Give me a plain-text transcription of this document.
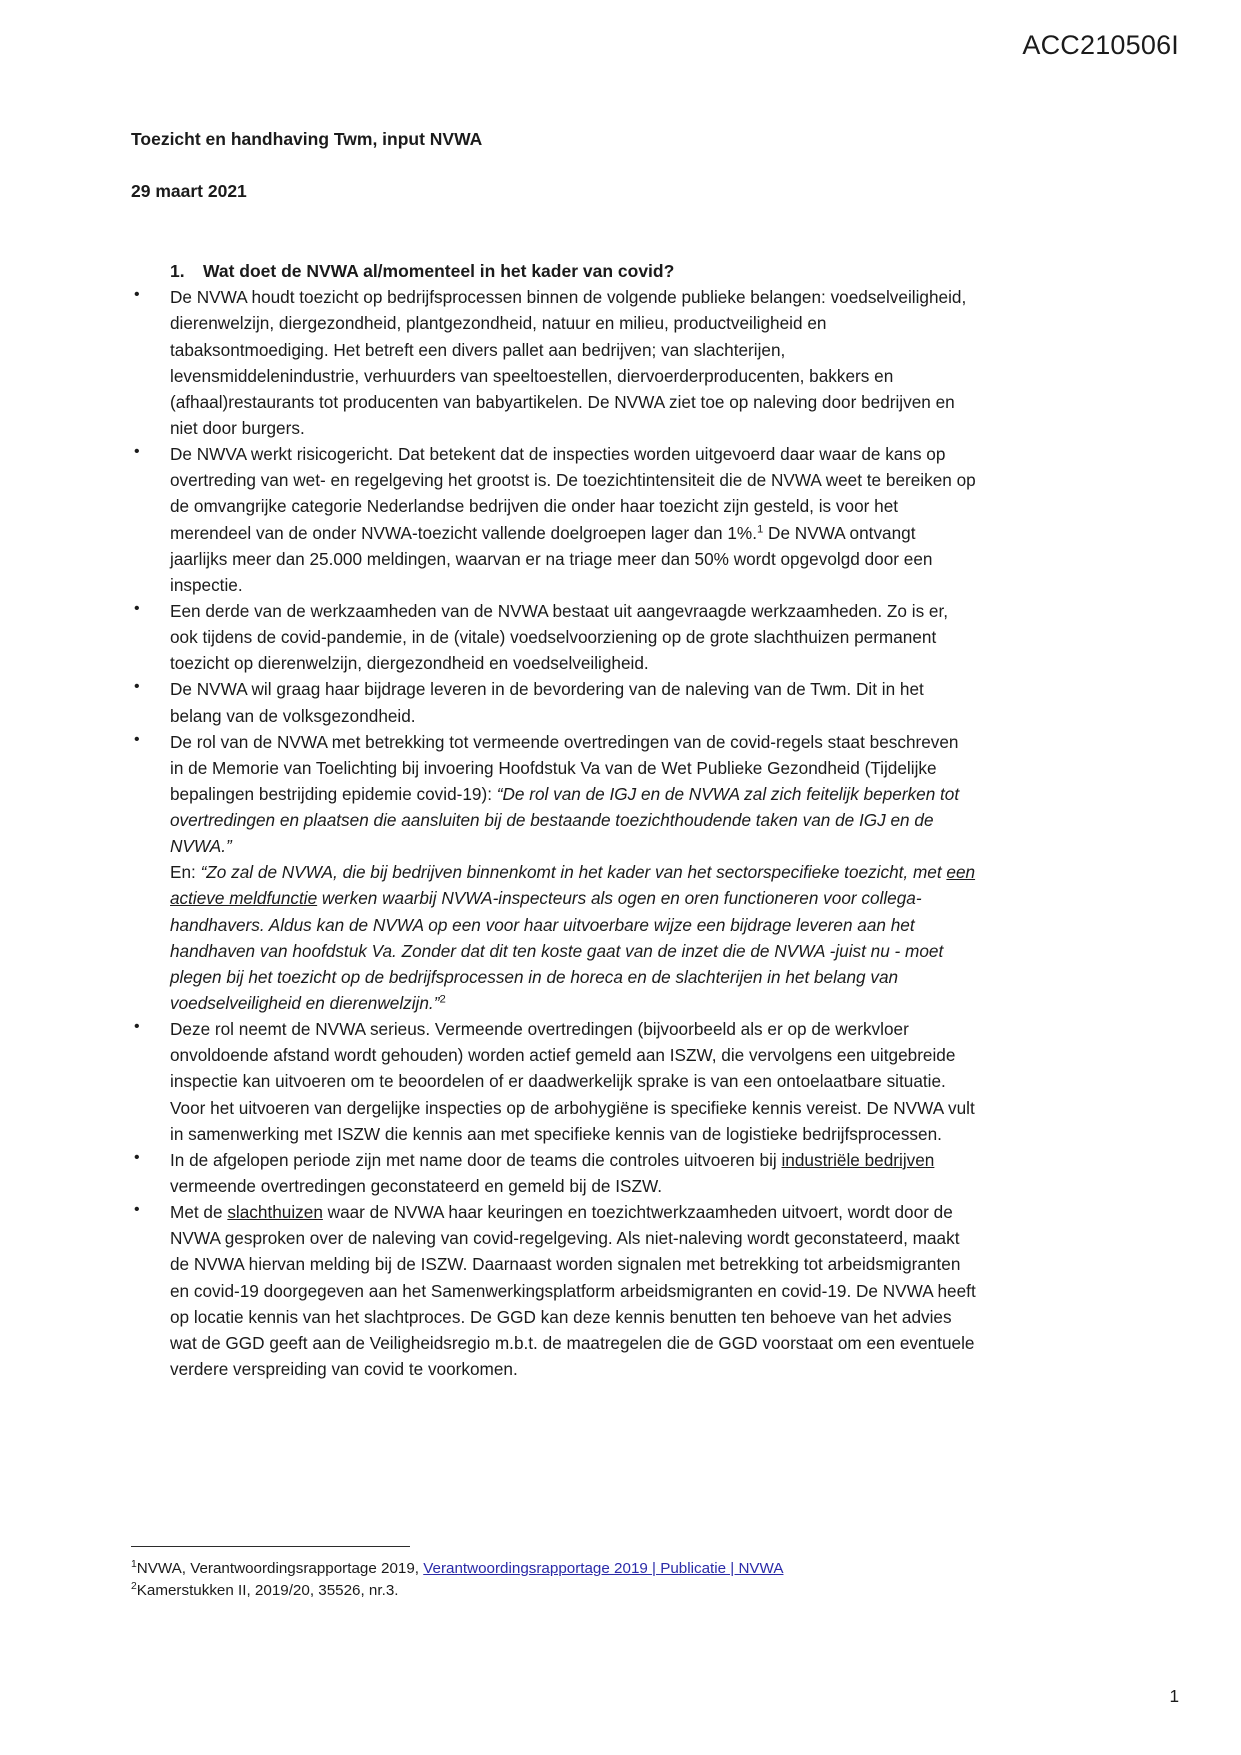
ACC210506I
Toezicht en handhaving Twm, input NVWA
29 maart 2021
1.	Wat doet de NVWA al/momenteel in het kader van covid?
• De NVWA houdt toezicht op bedrijfsprocessen binnen de volgende publieke belangen: voedselveiligheid, dierenwelzijn, diergezondheid, plantgezondheid, natuur en milieu, productveiligheid en tabaksontmoediging. Het betreft een divers pallet aan bedrijven; van slachterijen, levensmiddelenindustrie, verhuurders van speeltoestellen, diervoerderproducenten, bakkers en (afhaal)restaurants tot producenten van babyartikelen. De NVWA ziet toe op naleving door bedrijven en niet door burgers.
• De NWVA werkt risicogericht. Dat betekent dat de inspecties worden uitgevoerd daar waar de kans op overtreding van wet- en regelgeving het grootst is. De toezichtintensiteit die de NVWA weet te bereiken op de omvangrijke categorie Nederlandse bedrijven die onder haar toezicht zijn gesteld, is voor het merendeel van de onder NVWA-toezicht vallende doelgroepen lager dan 1%.$^1$ De NVWA ontvangt jaarlijks meer dan 25.000 meldingen, waarvan er na triage meer dan 50% wordt opgevolgd door een inspectie.
• Een derde van de werkzaamheden van de NVWA bestaat uit aangevraagde werkzaamheden. Zo is er, ook tijdens de covid-pandemie, in de (vitale) voedselvoorziening op de grote slachthuizen permanent toezicht op dierenwelzijn, diergezondheid en voedselveiligheid.
• De NVWA wil graag haar bijdrage leveren in de bevordering van de naleving van de Twm. Dit in het belang van de volksgezondheid.
• De rol van de NVWA met betrekking tot vermeende overtredingen van de covid-regels staat beschreven in de Memorie van Toelichting bij invoering Hoofdstuk Va van de Wet Publieke Gezondheid (Tijdelijke bepalingen bestrijding epidemie covid-19): “De rol van de IGJ en de NVWA zal zich feitelijk beperken tot overtredingen en plaatsen die aansluiten bij de bestaande toezichthoudende taken van de IGJ en de NVWA.”
En: “Zo zal de NVWA, die bij bedrijven binnenkomt in het kader van het sectorspecifieke toezicht, met een actieve meldfunctie werken waarbij NVWA-inspecteurs als ogen en oren functioneren voor collega-handhavers. Aldus kan de NVWA op een voor haar uitvoerbare wijze een bijdrage leveren aan het handhaven van hoofdstuk Va. Zonder dat dit ten koste gaat van de inzet die de NVWA -juist nu - moet plegen bij het toezicht op de bedrijfsprocessen in de horeca en de slachterijen in het belang van voedselveiligheid en dierenwelzijn.”$^2$
• Deze rol neemt de NVWA serieus. Vermeende overtredingen (bijvoorbeeld als er op de werkvloer onvoldoende afstand wordt gehouden) worden actief gemeld aan ISZW, die vervolgens een uitgebreide inspectie kan uitvoeren om te beoordelen of er daadwerkelijk sprake is van een ontoelaatbare situatie. Voor het uitvoeren van dergelijke inspecties op de arbohygiëne is specifieke kennis vereist. De NVWA vult in samenwerking met ISZW die kennis aan met specifieke kennis van de logistieke bedrijfsprocessen.
• In de afgelopen periode zijn met name door de teams die controles uitvoeren bij industriële bedrijven vermeende overtredingen geconstateerd en gemeld bij de ISZW.
• Met de slachthuizen waar de NVWA haar keuringen en toezichtwerkzaamheden uitvoert, wordt door de NVWA gesproken over de naleving van covid-regelgeving. Als niet-naleving wordt geconstateerd, maakt de NVWA hiervan melding bij de ISZW. Daarnaast worden signalen met betrekking tot arbeidsmigranten en covid-19 doorgegeven aan het Samenwerkingsplatform arbeidsmigranten en covid-19. De NVWA heeft op locatie kennis van het slachtproces. De GGD kan deze kennis benutten ten behoeve van het advies wat de GGD geeft aan de Veiligheidsregio m.b.t. de maatregelen die de GGD voorstaat om een eventuele verdere verspreiding van covid te voorkomen.
$^1$NVWA, Verantwoordingsrapportage 2019, Verantwoordingsrapportage 2019 | Publicatie | NVWA
$^2$Kamerstukken II, 2019/20, 35526, nr.3.
1
